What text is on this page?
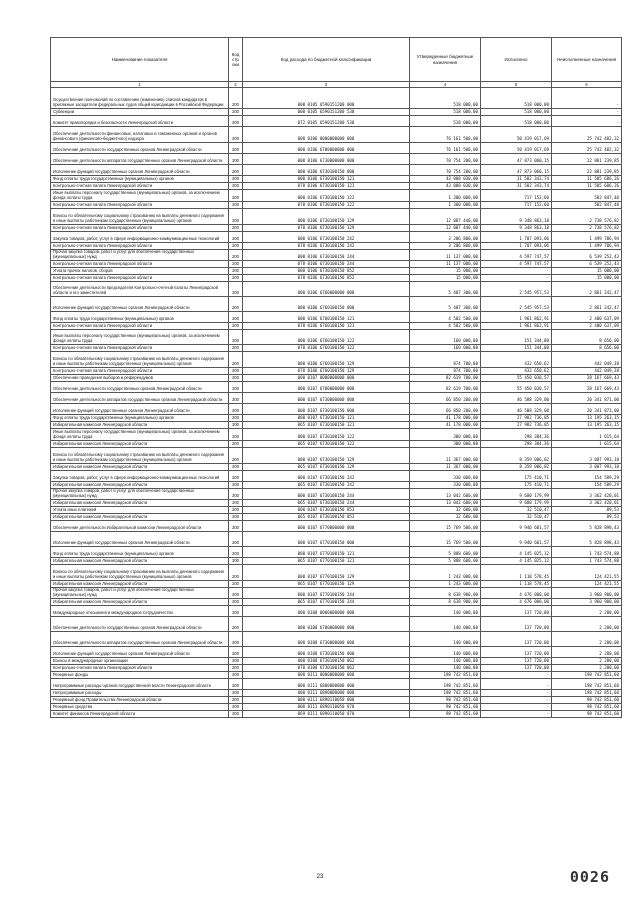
Наименование показателя	Код строки	Код расхода по бюджетной классификации	Утвержденные бюджетные назначения	Исполнено	Неисполненные назначения
1	2	3	4	5	6
Осуществление полномочий по составлению (изменению) списков кандидатов в присяжные заседатели федеральных судов общей юрисдикции в Российской Федерации	200	000 0105 6590151200 000	518 000,00	518 000,00	-
Субвенции	200	000 0105 6590151200 530	518 000,00	518 000,00	-
Комитет правопорядка и безопасности Ленинградской области	200	072 0105 6590151200 530	518 000,00	518 000,00	-
Обеспечение деятельности финансовых, налоговых и таможенных органов и органов финансового (финансово-бюджетного) надзора	200	000 0106 0000000000 000	76 161 500,00	50 419 017,69	25 742 482,32
Обеспечение деятельности государственных органов Ленинградской области	200	000 0106 6700000000 000	76 161 500,00	50 419 017,69	25 742 482,32
Обеспечение деятельности аппаратов государственных органов Ленинградской области	200	000 0106 6730000000 000	70 754 200,00	47 873 060,15	22 881 239,85
Исполнение функций государственных органов Ленинградской области	200	000 0106 6730100150 000	70 754 200,00	47 873 060,15	22 881 239,85
Фонд оплаты труда государственных (муниципальных) органов	200	000 0106 6730100150 121	43 008 030,00	31 502 343,74	11 505 686,26
Контрольно-счетная палата Ленинградской области	200	078 0106 6730100150 121	43 008 030,00	31 502 343,74	11 505 686,26
Иные выплаты персоналу государственных (муниципальных) органов, за исключением фонда оплаты труда	200	000 0106 6730100150 122	1 300 000,00	717 152,60	582 847,40
Контрольно-счетная палата Ленинградской области	200	078 0106 6730100150 122	1 300 000,00	717 152,60	582 847,40
Взносы по обязательному социальному страхованию на выплаты денежного содержания и иные выплаты работникам государственных (муниципальных) органов	200	000 0106 6730100150 129	12 087 440,00	9 348 863,18	2 738 576,82
Контрольно-счетная палата Ленинградской области	200	078 0106 6730100150 129	12 087 440,00	9 348 863,18	2 738 576,82
Закупка товаров, работ, услуг в сфере информационно-коммуникационных технологий	200	000 0106 6730100150 242	3 206 800,00	1 707 093,06	1 499 706,94
Контрольно-счетная палата Ленинградской области	200	078 0106 6730100150 242	3 206 800,00	1 707 093,06	1 499 706,94
Прочая закупка товаров, работ и услуг для обеспечения государственных (муниципальных) нужд	200	000 0106 6730100150 244	11 137 000,00	4 597 747,57	6 539 252,43
Контрольно-счетная палата Ленинградской области	200	078 0106 6730100150 244	11 137 000,00	4 597 747,57	6 539 252,43
Уплата прочих налогов, сборов	200	000 0106 6730100150 852	15 000,00	-	15 000,00
Контрольно-счетная палата Ленинградской области	200	078 0106 6730100150 852	15 000,00	-	15 000,00
Обеспечение деятельности председателя Контрольно-счетной палаты Ленинградской области и его заместителей	200	000 0106 6760000000 000	5 407 300,00	2 545 957,53	2 861 242,47
Исполнение функций государственных органов Ленинградской области	200	000 0106 6760100150 000	5 407 300,00	2 545 957,53	2 861 242,47
Фонд оплаты труда государственных (муниципальных) органов	200	000 0106 6760100150 121	4 502 500,00	1 961 862,91	2 400 637,09
Контрольно-счетная палата Ленинградской области	200	078 0106 6760100150 121	4 502 500,00	1 961 862,91	2 400 637,09
Иные выплаты персоналу государственных (муниципальных) органов, за исключением фонда оплаты труда	200	000 0106 6760100150 122	160 000,00	151 344,00	8 656,00
Контрольно-счетная палата Ленинградской области	200	078 0106 6760100150 122	160 000,00	151 344,00	8 656,00
Взносы по обязательному социальному страхованию на выплаты денежного содержания и иные выплаты работникам государственных (муниципальных) органов	200	000 0106 6760100150 129	874 700,00	432 650,62	442 049,38
Контрольно-счетная палата Ленинградской области	200	078 0106 6760100150 129	874 700,00	432 650,62	442 049,38
Обеспечение проведения выборов и референдумов	200	000 0107 0000000000 000	82 619 700,00	55 450 030,57	28 167 669,43
Обеспечение деятельности государственных органов Ленинградской области	200	000 0107 6700000000 000	82 619 700,00	55 450 030,57	28 167 669,43
Обеспечение деятельности аппаратов государственных органов Ленинградской области	200	000 0107 6730000000 000	66 850 200,00	46 508 329,00	20 341 871,00
Исполнение функций государственных органов Ленинградской области	200	000 0107 6730100150 000	66 850 200,00	46 508 329,00	20 341 871,00
Фонд оплаты труда государственных (муниципальных) органов	200	000 0107 6730100150 121	41 178 000,00	27 982 736,85	13 195 263,15
Избирательная комиссия Ленинградской области	200	065 0107 6730100150 121	41 178 000,00	27 982 736,85	13 195 263,15
Иные выплаты персоналу государственных (муниципальных) органов, за исключением фонда оплаты труда	200	000 0107 6730100150 122	300 000,00	298 384,36	1 615,64
Избирательная комиссия Ленинградской области	200	065 0107 6730100150 122	300 000,00	298 384,36	1 615,64
Взносы по обязательному социальному страхованию на выплаты денежного содержания и иные выплаты работникам государственных (муниципальных) органов	200	000 0107 6730100150 129	11 367 000,00	8 359 006,82	3 007 993,18
Избирательная комиссия Ленинградской области	200	065 0107 6730100150 129	11 367 000,00	8 359 006,82	3 007 993,18
Закупка товаров, работ, услуг в сфере информационно-коммуникационных технологий	200	000 0107 6730100150 242	330 000,00	175 410,71	154 589,29
Избирательная комиссия Ленинградской области	200	065 0107 6730100150 242	330 000,00	175 410,71	154 589,29
Прочая закупка товаров, работ и услуг для обеспечения государственных (муниципальных) нужд	200	000 0107 6730100150 244	13 042 600,00	9 680 179,99	3 362 420,01
Избирательная комиссия Ленинградской области	200	065 0107 6730100150 244	13 042 600,00	9 680 179,99	3 362 420,01
Уплата иных платежей	200	000 0107 6730100150 853	32 600,00	32 510,47	89,53
Избирательная комиссия Ленинградской области	200	065 0107 6730100150 853	32 600,00	32 510,47	89,53
Обеспечение деятельности Избирательной комиссии Ленинградской области	200	000 0107 6770000000 000	15 769 500,00	9 940 601,57	5 828 898,43
Исполнение функций государственных органов Ленинградской области	200	000 0107 6770100150 000	15 769 500,00	9 940 601,57	5 828 898,43
Фонд оплаты труда государственных (муниципальных) органов	200	000 0107 6770100150 121	5 888 600,00	4 145 025,12	1 743 574,88
Избирательная комиссия Ленинградской области	200	065 0107 6770100150 121	5 888 600,00	4 145 025,12	1 743 574,88
Взносы по обязательному социальному страхованию на выплаты денежного содержания и иные выплаты работникам государственных (муниципальных) органов	200	000 0107 6770100150 129	1 243 000,00	1 118 578,45	124 421,55
Избирательная комиссия Ленинградской области	200	065 0107 6770100150 129	1 243 000,00	1 118 578,45	124 421,55
Прочая закупка товаров, работ и услуг для обеспечения государственных (муниципальных) нужд	200	000 0107 6770100150 244	8 638 900,00	4 676 000,00	3 960 900,00
Избирательная комиссия Ленинградской области	200	065 0107 6770100150 244	8 638 900,00	4 676 000,00	3 960 900,00
Международные отношения и международное сотрудничество	200	000 0108 0000000000 000	140 000,00	137 720,00	2 280,00
Обеспечение деятельности государственных органов Ленинградской области	200	000 0108 6700000000 000	140 000,00	137 720,00	2 280,00
Обеспечение деятельности аппаратов государственных органов Ленинградской области	200	000 0108 6730000000 000	140 000,00	137 720,00	2 280,00
Исполнение функций государственных органов Ленинградской области	200	000 0108 6730100150 000	140 000,00	137 720,00	2 280,00
Взносы в международные организации	200	000 0108 6730100150 862	140 000,00	137 720,00	2 280,00
Контрольно-счетная палата Ленинградской области	200	078 0108 6730100150 862	140 000,00	137 720,00	2 280,00
Резервные фонды	200	000 0111 0000000000 000	198 742 851,60	-	198 742 851,60
Непрограммные расходы органов государственной власти Ленинградской области	200	000 0111 6800000000 000	198 742 851,60	-	198 742 851,60
Непрограммные расходы	200	000 0111 6890000000 000	198 742 851,60	-	198 742 851,60
Резервный фонд Правительства Ленинградской области	200	000 0111 6890110050 000	98 742 851,60	-	98 742 851,60
Резервные средства	200	000 0111 6890110050 870	98 742 851,60	-	98 742 851,60
Комитет финансов Ленинградской области	200	069 0111 6890110050 870	98 742 851,60	-	98 742 851,60
23	0026
